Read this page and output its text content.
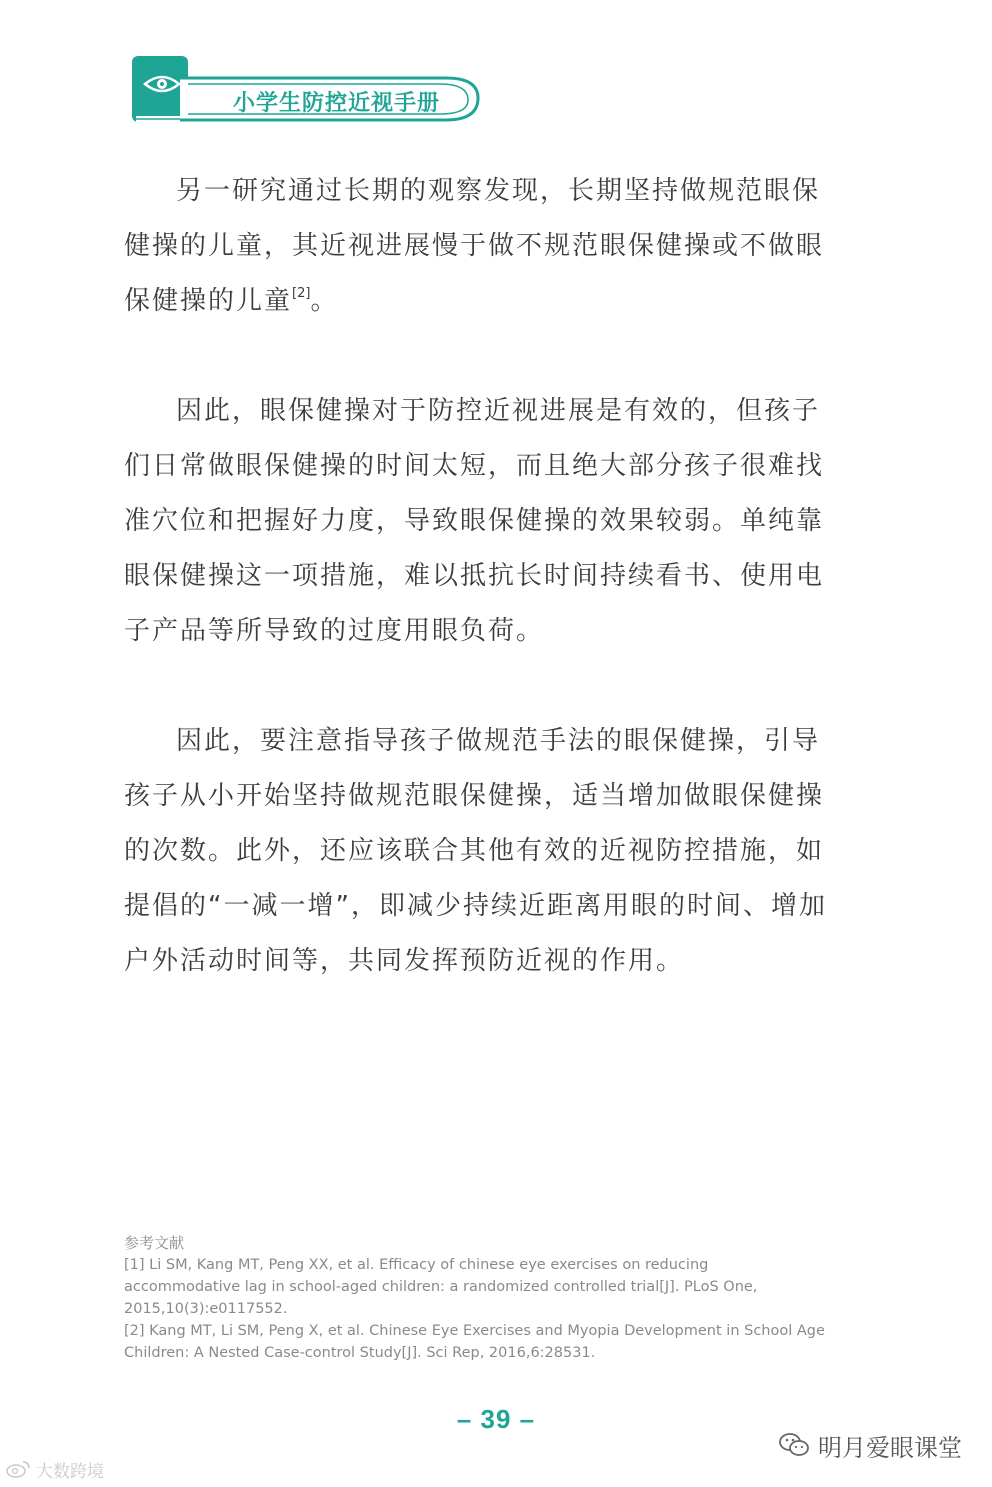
小学生防控近视手册

另一研究通过长期的观察发现，长期坚持做规范眼保健操的儿童，其近视进展慢于做不规范眼保健操或不做眼保健操的儿童[2]。

因此，眼保健操对于防控近视进展是有效的，但孩子们日常做眼保健操的时间太短，而且绝大部分孩子很难找准穴位和把握好力度，导致眼保健操的效果较弱。单纯靠眼保健操这一项措施，难以抵抗长时间持续看书、使用电子产品等所导致的过度用眼负荷。

因此，要注意指导孩子做规范手法的眼保健操，引导孩子从小开始坚持做规范眼保健操，适当增加做眼保健操的次数。此外，还应该联合其他有效的近视防控措施，如提倡的“一减一增”，即减少持续近距离用眼的时间、增加户外活动时间等，共同发挥预防近视的作用。

参考文献
[1] Li SM, Kang MT, Peng XX, et al. Efficacy of chinese eye exercises on reducing accommodative lag in school-aged children: a randomized controlled trial[J]. PLoS One, 2015,10(3):e0117552.
[2] Kang MT, Li SM, Peng X, et al. Chinese Eye Exercises and Myopia Development in School Age Children: A Nested Case-control Study[J]. Sci Rep, 2016,6:28531.
– 39 –
明月爱眼课堂
大数跨境
